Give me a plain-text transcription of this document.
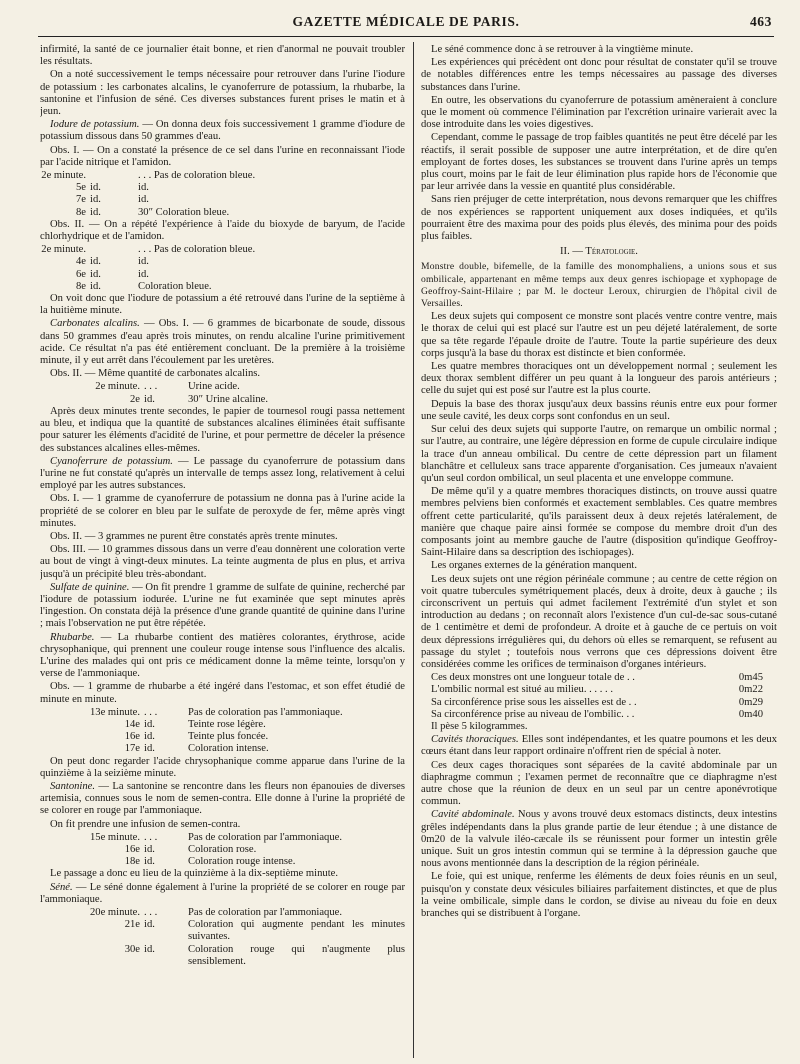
GAZETTE MÉDICALE DE PARIS.	463

infirmité, la santé de ce journalier était bonne, et rien d'anormal ne pouvait troubler les résultats.

On a noté successivement le temps nécessaire pour retrouver dans l'urine l'iodure de potassium : les carbonates alcalins, le cyanoferrure de potassium, la rhubarbe, la santonine et l'infusion de séné. Ces diverses substances furent prises le matin et à jeun.

Iodure de potassium. — On donna deux fois successivement 1 gramme d'iodure de potassium dissous dans 50 grammes d'eau.

Obs. I. — On a constaté la présence de ce sel dans l'urine en reconnaissant l'iode par l'acide nitrique et l'amidon.

2e minute.	. . . Pas de coloration bleue.
5e id.	id.
7e id.	id.
8e id.	30″ Coloration bleue.

Obs. II. — On a répété l'expérience à l'aide du bioxyde de baryum, de l'acide chlorhydrique et de l'amidon.

2e minute.	. . . Pas de coloration bleue.
4e id.	id.
6e id.	id.
8e id.	Coloration bleue.

On voit donc que l'iodure de potassium a été retrouvé dans l'urine de la septième à la huitième minute.

Carbonates alcalins. — Obs. I. — 6 grammes de bicarbonate de soude, dissous dans 50 grammes d'eau après trois minutes, on rendu alcaline l'urine primitivement acide. Ce résultat n'a pas été entièrement concluant. De la première à la troisième minute, il y eut arrêt dans l'écoulement par les uretères.

Obs. II. — Même quantité de carbonates alcalins.

2e minute. . . .	Urine acide.
2e id.	30″ Urine alcaline.

Après deux minutes trente secondes, le papier de tournesol rougi passa nettement au bleu, et indiqua que la quantité de substances alcalines éliminées était suffisante pour saturer les éléments d'acidité de l'urine, et pour permettre de déceler la présence des substances alcalines elles-mêmes.

Cyanoferrure de potassium. — Le passage du cyanoferrure de potassium dans l'urine ne fut constaté qu'après un intervalle de temps assez long, relativement à celui employé par les autres substances.

Obs. I. — 1 gramme de cyanoferrure de potassium ne donna pas à l'urine acide la propriété de se colorer en bleu par le sulfate de peroxyde de fer, même après vingt minutes.

Obs. II. — 3 grammes ne purent être constatés après trente minutes.

Obs. III. — 10 grammes dissous dans un verre d'eau donnèrent une coloration verte au bout de vingt à vingt-deux minutes. La teinte augmenta de plus en plus, et arriva jusqu'à un précipité bleu très-abondant.

Sulfate de quinine. — On fit prendre 1 gramme de sulfate de quinine, recherché par l'iodure de potassium iodurée. L'urine ne fut examinée que sept minutes après l'ingestion. On constata déjà la présence d'une grande quantité de quinine dans l'urine ; mais l'observation ne put être répétée.

Rhubarbe. — La rhubarbe contient des matières colorantes, érythrose, acide chrysophanique, qui prennent une couleur rouge intense sous l'influence des alcalis. L'urine des malades qui ont pris ce médicament donne la même teinte, lorsqu'on y verse de l'ammoniaque.

Obs. — 1 gramme de rhubarbe a été ingéré dans l'estomac, et son effet étudié de minute en minute.

13e minute. . . .	Pas de coloration pas l'ammoniaque.
14e id.	Teinte rose légère.
16e id.	Teinte plus foncée.
17e id.	Coloration intense.

On peut donc regarder l'acide chrysophanique comme apparue dans l'urine de la quinzième à la seizième minute.

Santonine. — La santonine se rencontre dans les fleurs non épanouies de diverses artemisia, connues sous le nom de semen-contra. Elle donne à l'urine la propriété de se colorer en rouge par l'ammoniaque.

On fit prendre une infusion de semen-contra.

15e minute. . . .	Pas de coloration par l'ammoniaque.
16e id.	Coloration rose.
18e id.	Coloration rouge intense.

Le passage a donc eu lieu de la quinzième à la dix-septième minute.

Séné. — Le séné donne également à l'urine la propriété de se colorer en rouge par l'ammoniaque.

20e minute. . . .	Pas de coloration par l'ammoniaque.
21e id.	Coloration qui augmente pendant les minutes suivantes.
30e id.	Coloration rouge qui n'augmente plus sensiblement.

Le séné commence donc à se retrouver à la vingtième minute.

Les expériences qui précèdent ont donc pour résultat de constater qu'il se trouve de notables différences entre les temps nécessaires au passage des diverses substances dans l'urine.

En outre, les observations du cyanoferrure de potassium amèneraient à conclure que le moment où commence l'élimination par l'excrétion urinaire varierait avec la dose introduite dans les voies digestives.

Cependant, comme le passage de trop faibles quantités ne peut être décelé par les réactifs, il serait possible de supposer une autre interprétation, et de dire qu'en employant de fortes doses, les substances se trouvent dans l'urine après un temps plus court, moins par le fait de leur élimination plus rapide hors de l'économie que par leur arrivée dans la vessie en quantité plus considérable.

Sans rien préjuger de cette interprétation, nous devons remarquer que les chiffres de nos expériences se rapportent uniquement aux doses indiquées, et qu'ils pourraient être des maxima pour des poids plus élevés, des minima pour des poids plus faibles.

II. — Tératologie.

Monstre double, bifemelle, de la famille des monomphaliens, a unions sous et sus ombilicale, appartenant en même temps aux deux genres ischiopage et xyphopage de Geoffroy-Saint-Hilaire ; par M. le docteur Leroux, chirurgien de l'hôpital civil de Versailles.

Les deux sujets qui composent ce monstre sont placés ventre contre ventre, mais le thorax de celui qui est placé sur l'autre est un peu déjeté latéralement, de sorte que sa tête regarde l'épaule droite de l'autre. Toute la partie supérieure des deux corps jusqu'à la base du thorax est distincte et bien conformée.

Les quatre membres thoraciques ont un développement normal ; seulement les deux thorax semblent différer un peu quant à la longueur des parois antérieurs ; celle du sujet qui est posé sur l'autre est la plus courte.

Depuis la base des thorax jusqu'aux deux bassins réunis entre eux pour former une seule cavité, les deux corps sont confondus en un seul.

Sur celui des deux sujets qui supporte l'autre, on remarque un ombilic normal ; sur l'autre, au contraire, une légère dépression en forme de cupule circulaire indique la trace d'un anneau ombilical. Du centre de cette dépression part un filament blanchâtre et celluleux sans trace apparente d'organisation. Ces jumeaux n'avaient qu'un seul cordon ombilical, un seul placenta et une enveloppe commune.

De même qu'il y a quatre membres thoraciques distincts, on trouve aussi quatre membres pelviens bien conformés et exactement semblables. Ces quatre membres offrent cette particularité, qu'ils paraissent deux à deux rejetés latéralement, de manière que chaque paire ainsi formée se compose du membre droit d'un des composants joint au membre gauche de l'autre (disposition qu'indique Geoffroy-Saint-Hilaire dans sa description des ischiopages).

Les organes externes de la génération manquent.

Les deux sujets ont une région périnéale commune ; au centre de cette région on voit quatre tubercules symétriquement placés, deux à droite, deux à gauche ; ils circonscrivent un pertuis qui admet facilement l'extrémité d'un stylet et son introduction au dedans ; on reconnaît alors l'existence d'un cul-de-sac sous-cutané de 1 centimètre et demi de profondeur. A droite et à gauche de ce pertuis on voit deux dépressions irrégulières qui, du dehors où elles se remarquent, se refusent au passage du stylet ; toutefois nous verrons que ces dépressions doivent être considérées comme les orifices de terminaison d'organes intérieurs.

Ces deux monstres ont une longueur totale de . .	0m45
L'ombilic normal est situé au milieu. . . . . .	0m22
Sa circonférence prise sous les aisselles est de . .	0m29
Sa circonférence prise au niveau de l'ombilic. . .	0m40

Il pèse 5 kilogrammes.

Cavités thoraciques. Elles sont indépendantes, et les quatre poumons et les deux cœurs étant dans leur rapport ordinaire n'offrent rien de spécial à noter.

Ces deux cages thoraciques sont séparées de la cavité abdominale par un diaphragme commun ; l'examen permet de reconnaître que ce diaphragme n'est autre chose que la réunion de deux en un seul par un centre aponévrotique commun.

Cavité abdominale. Nous y avons trouvé deux estomacs distincts, deux intestins grêles indépendants dans la plus grande partie de leur étendue ; à une distance de 0m20 de la valvule iléo-cæcale ils se réunissent pour former un intestin grêle unique. Suit un gros intestin commun qui se termine à la dépression gauche que nous avons mentionnée dans la description de la région périnéale.

Le foie, qui est unique, renferme les éléments de deux foies réunis en un seul, puisqu'on y constate deux vésicules biliaires parfaitement distinctes, et que de plus la veine ombilicale, simple dans le cordon, se divise au niveau du foie en deux branches qui se distribuent à l'organe.
